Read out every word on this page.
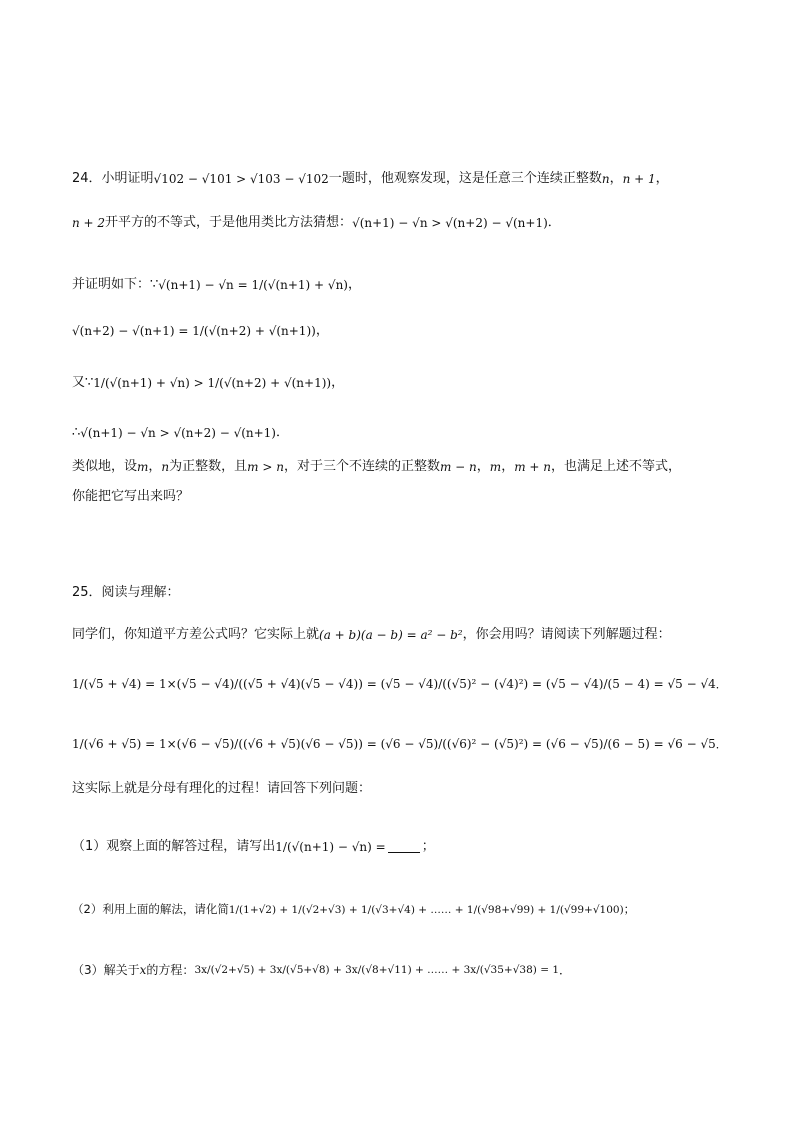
24．小明证明 √102 − √101 > √103 − √102 一题时，他观察发现，这是任意三个连续正整数 n ， n + 1 ，
n + 2 开平方的不等式，于是他用类比方法猜想： √(n+1) − √n > √(n+2) − √(n+1) ．
并证明如下：∵ √(n+1) − √n = 1/(√(n+1) + √n) ，
√(n+2) − √(n+1) = 1/(√(n+2) + √(n+1)) ，
又∵ 1/(√(n+1) + √n) > 1/(√(n+2) + √(n+1)) ，
∴ √(n+1) − √n > √(n+2) − √(n+1) ．
类似地，设 m ， n 为正整数，且 m > n ，对于三个不连续的正整数 m − n ， m ， m + n ，也满足上述不等式，
你能把它写出来吗？
25．阅读与理解：
同学们，你知道平方差公式吗？它实际上就 (a + b)(a − b) = a² − b² ，你会用吗？请阅读下列解题过程：
1/(√5 + √4) = 1×(√5 − √4)/((√5 + √4)(√5 − √4)) = (√5 − √4)/((√5)² − (√4)²) = (√5 − √4)/(5 − 4) = √5 − √4 ．
1/(√6 + √5) = 1×(√6 − √5)/((√6 + √5)(√6 − √5)) = (√6 − √5)/((√6)² − (√5)²) = (√6 − √5)/(6 − 5) = √6 − √5 ．
这实际上就是分母有理化的过程！请回答下列问题：
（1）观察上面的解答过程，请写出 1/(√(n+1) − √n) =	；
（2）利用上面的解法，请化简 1/(1+√2) + 1/(√2+√3) + 1/(√3+√4) + …… + 1/(√98+√99) + 1/(√99+√100) ；
（3）解关于 x 的方程： 3x/(√2+√5) + 3x/(√5+√8) + 3x/(√8+√11) + …… + 3x/(√35+√38) = 1 ．
